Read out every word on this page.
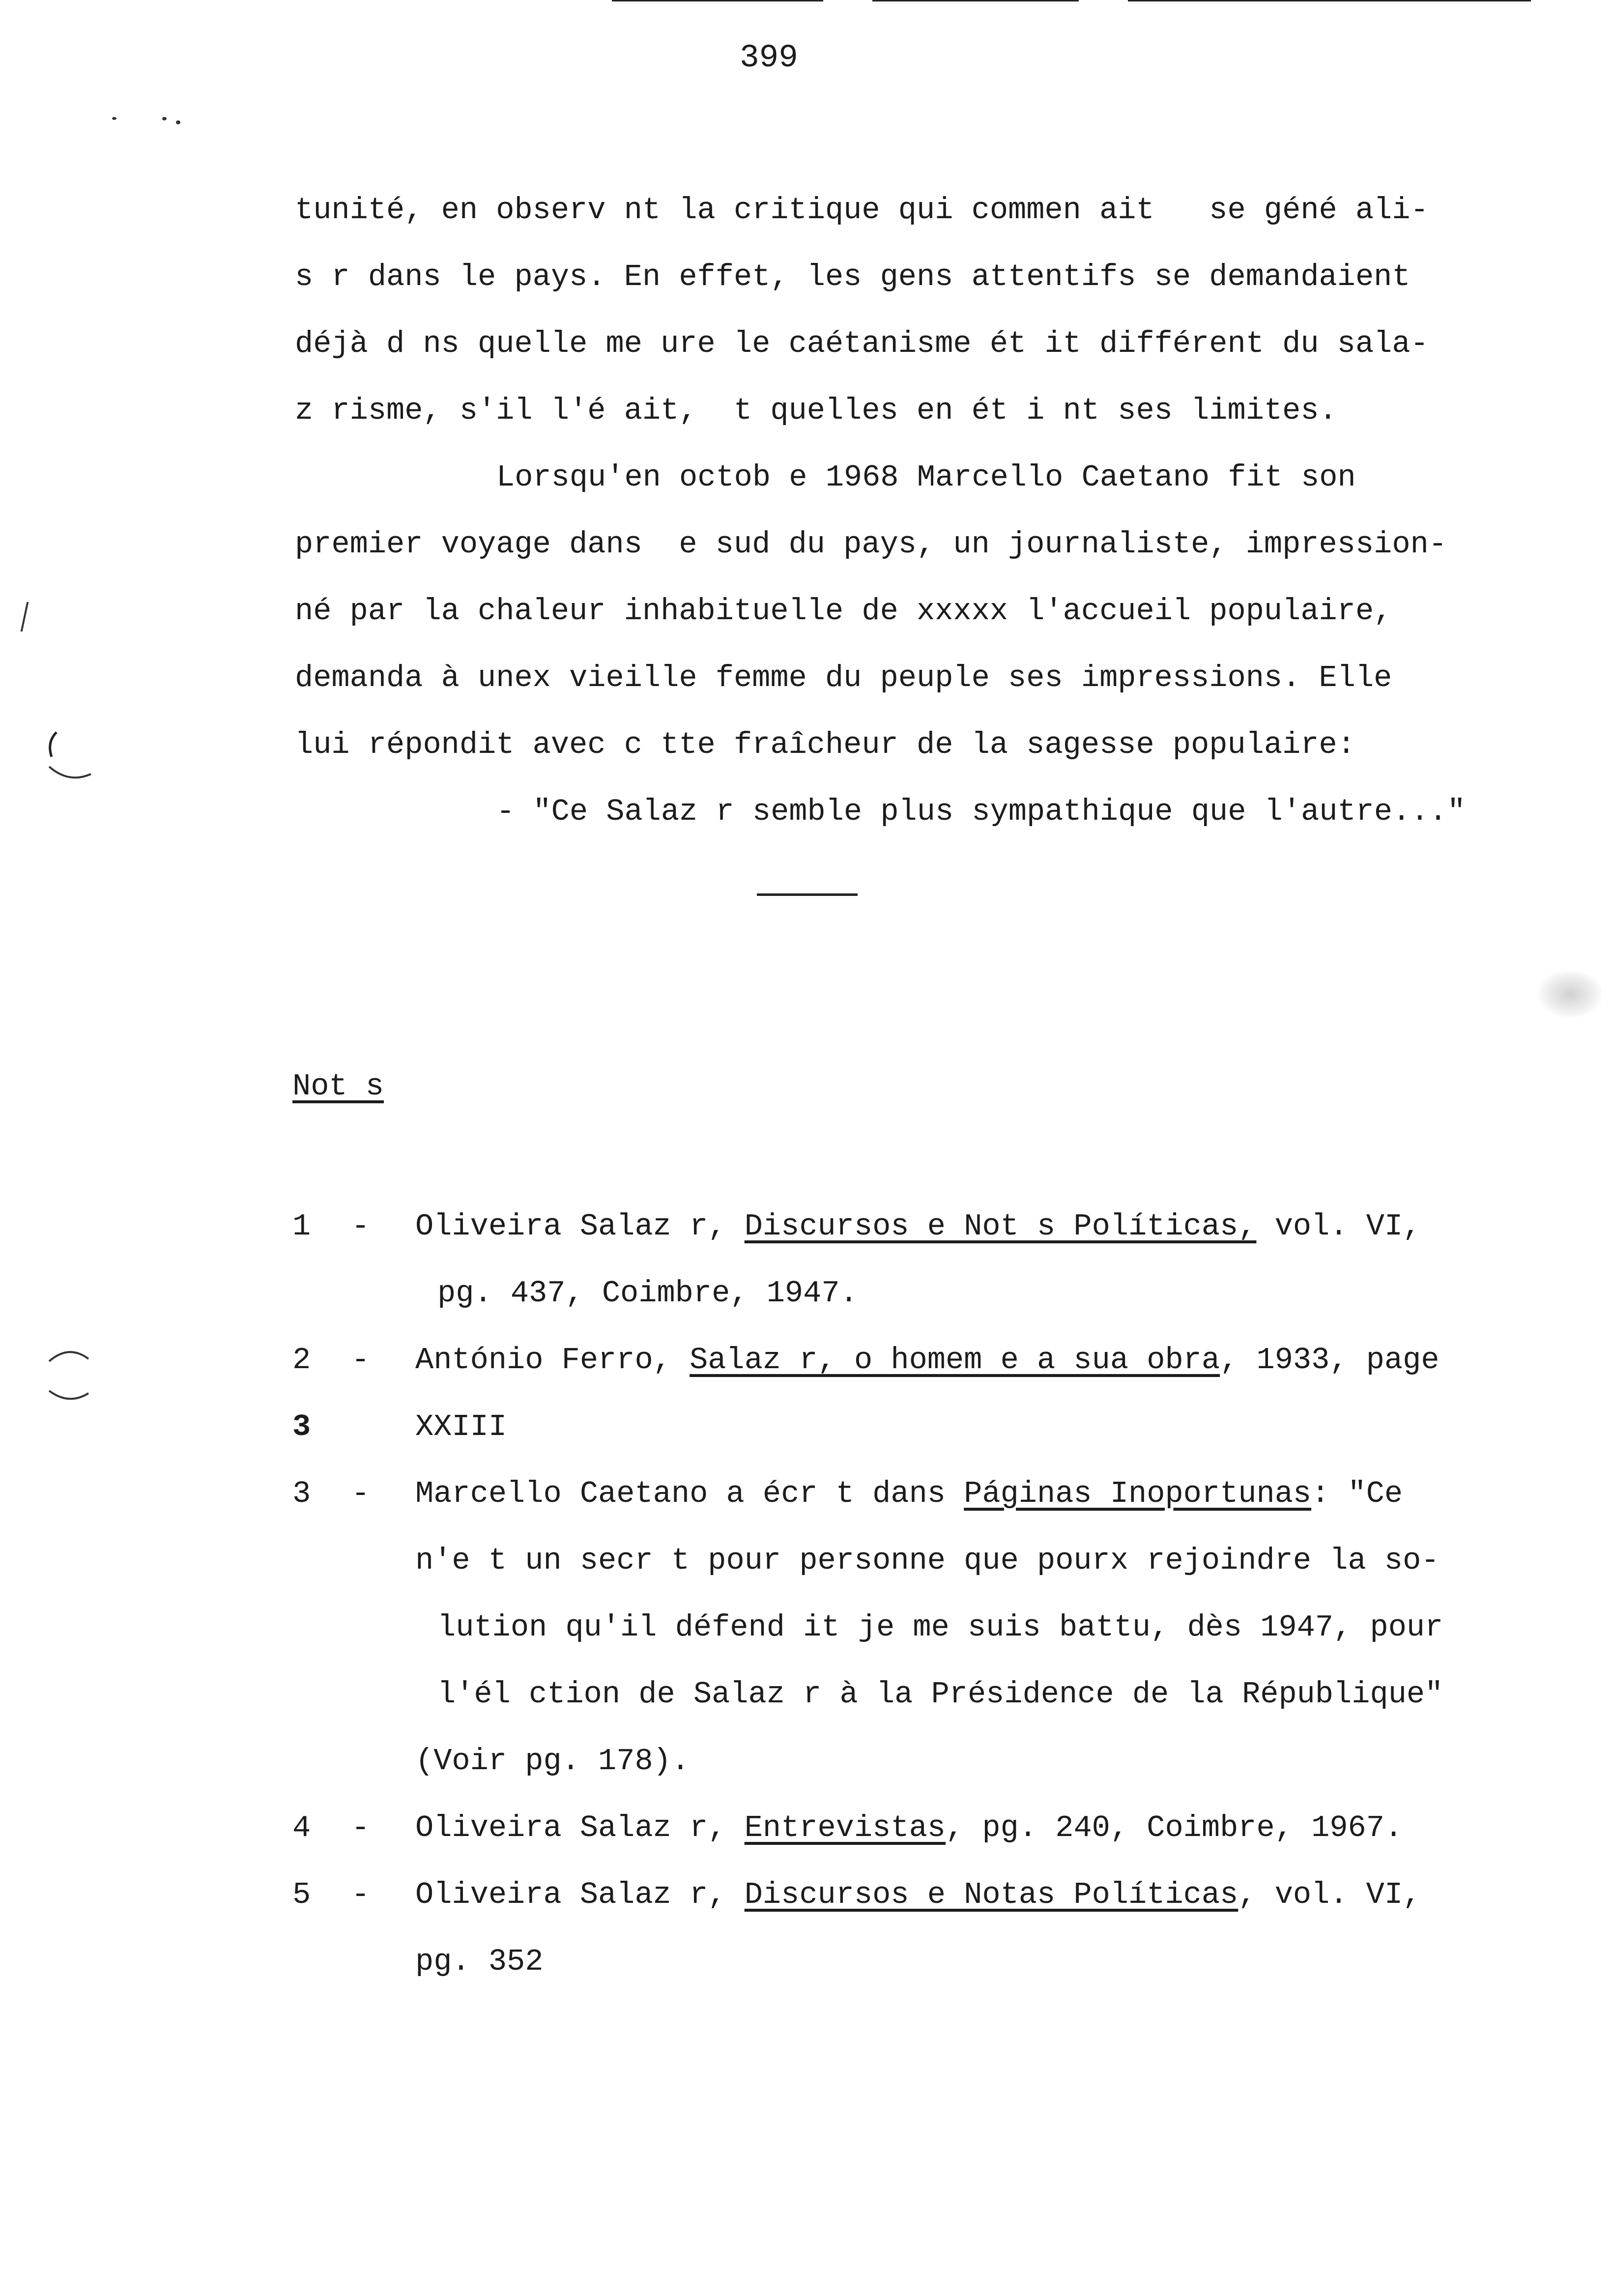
399
tunité, en observ nt la critique qui commen ait   se géné ali-
s r dans le pays. En effet, les gens attentifs se demandaient
déjà d ns quelle me ure le caétanisme ét it différent du sala-
z risme, s'il l'é ait,  t quelles en ét i nt ses limites.
Lorsqu'en octob e 1968 Marcello Caetano fit son
premier voyage dans  e sud du pays, un journaliste, impression-
né par la chaleur inhabituelle de xxxxx l'accueil populaire,
demanda à unex vieille femme du peuple ses impressions. Elle
lui répondit avec c tte fraîcheur de la sagesse populaire:
- "Ce Salaz r semble plus sympathique que l'autre..."
Not s
1 - Oliveira Salaz r, Discursos e Not s Políticas, vol. VI,
pg. 437, Coimbre, 1947.
2 - António Ferro, Salaz r, o homem e a sua obra, 1933, page
3	XXIII
3 - Marcello Caetano a écr t dans Páginas Inoportunas: "Ce
n'e t un secr t pour personne que pourx rejoindre la so-
lution qu'il défend it je me suis battu, dès 1947, pour
l'él ction de Salaz r à la Présidence de la République"
(Voir pg. 178).
4 - Oliveira Salaz r, Entrevistas, pg. 240, Coimbre, 1967.
5 - Oliveira Salaz r, Discursos e Notas Políticas, vol. VI,
pg. 352
